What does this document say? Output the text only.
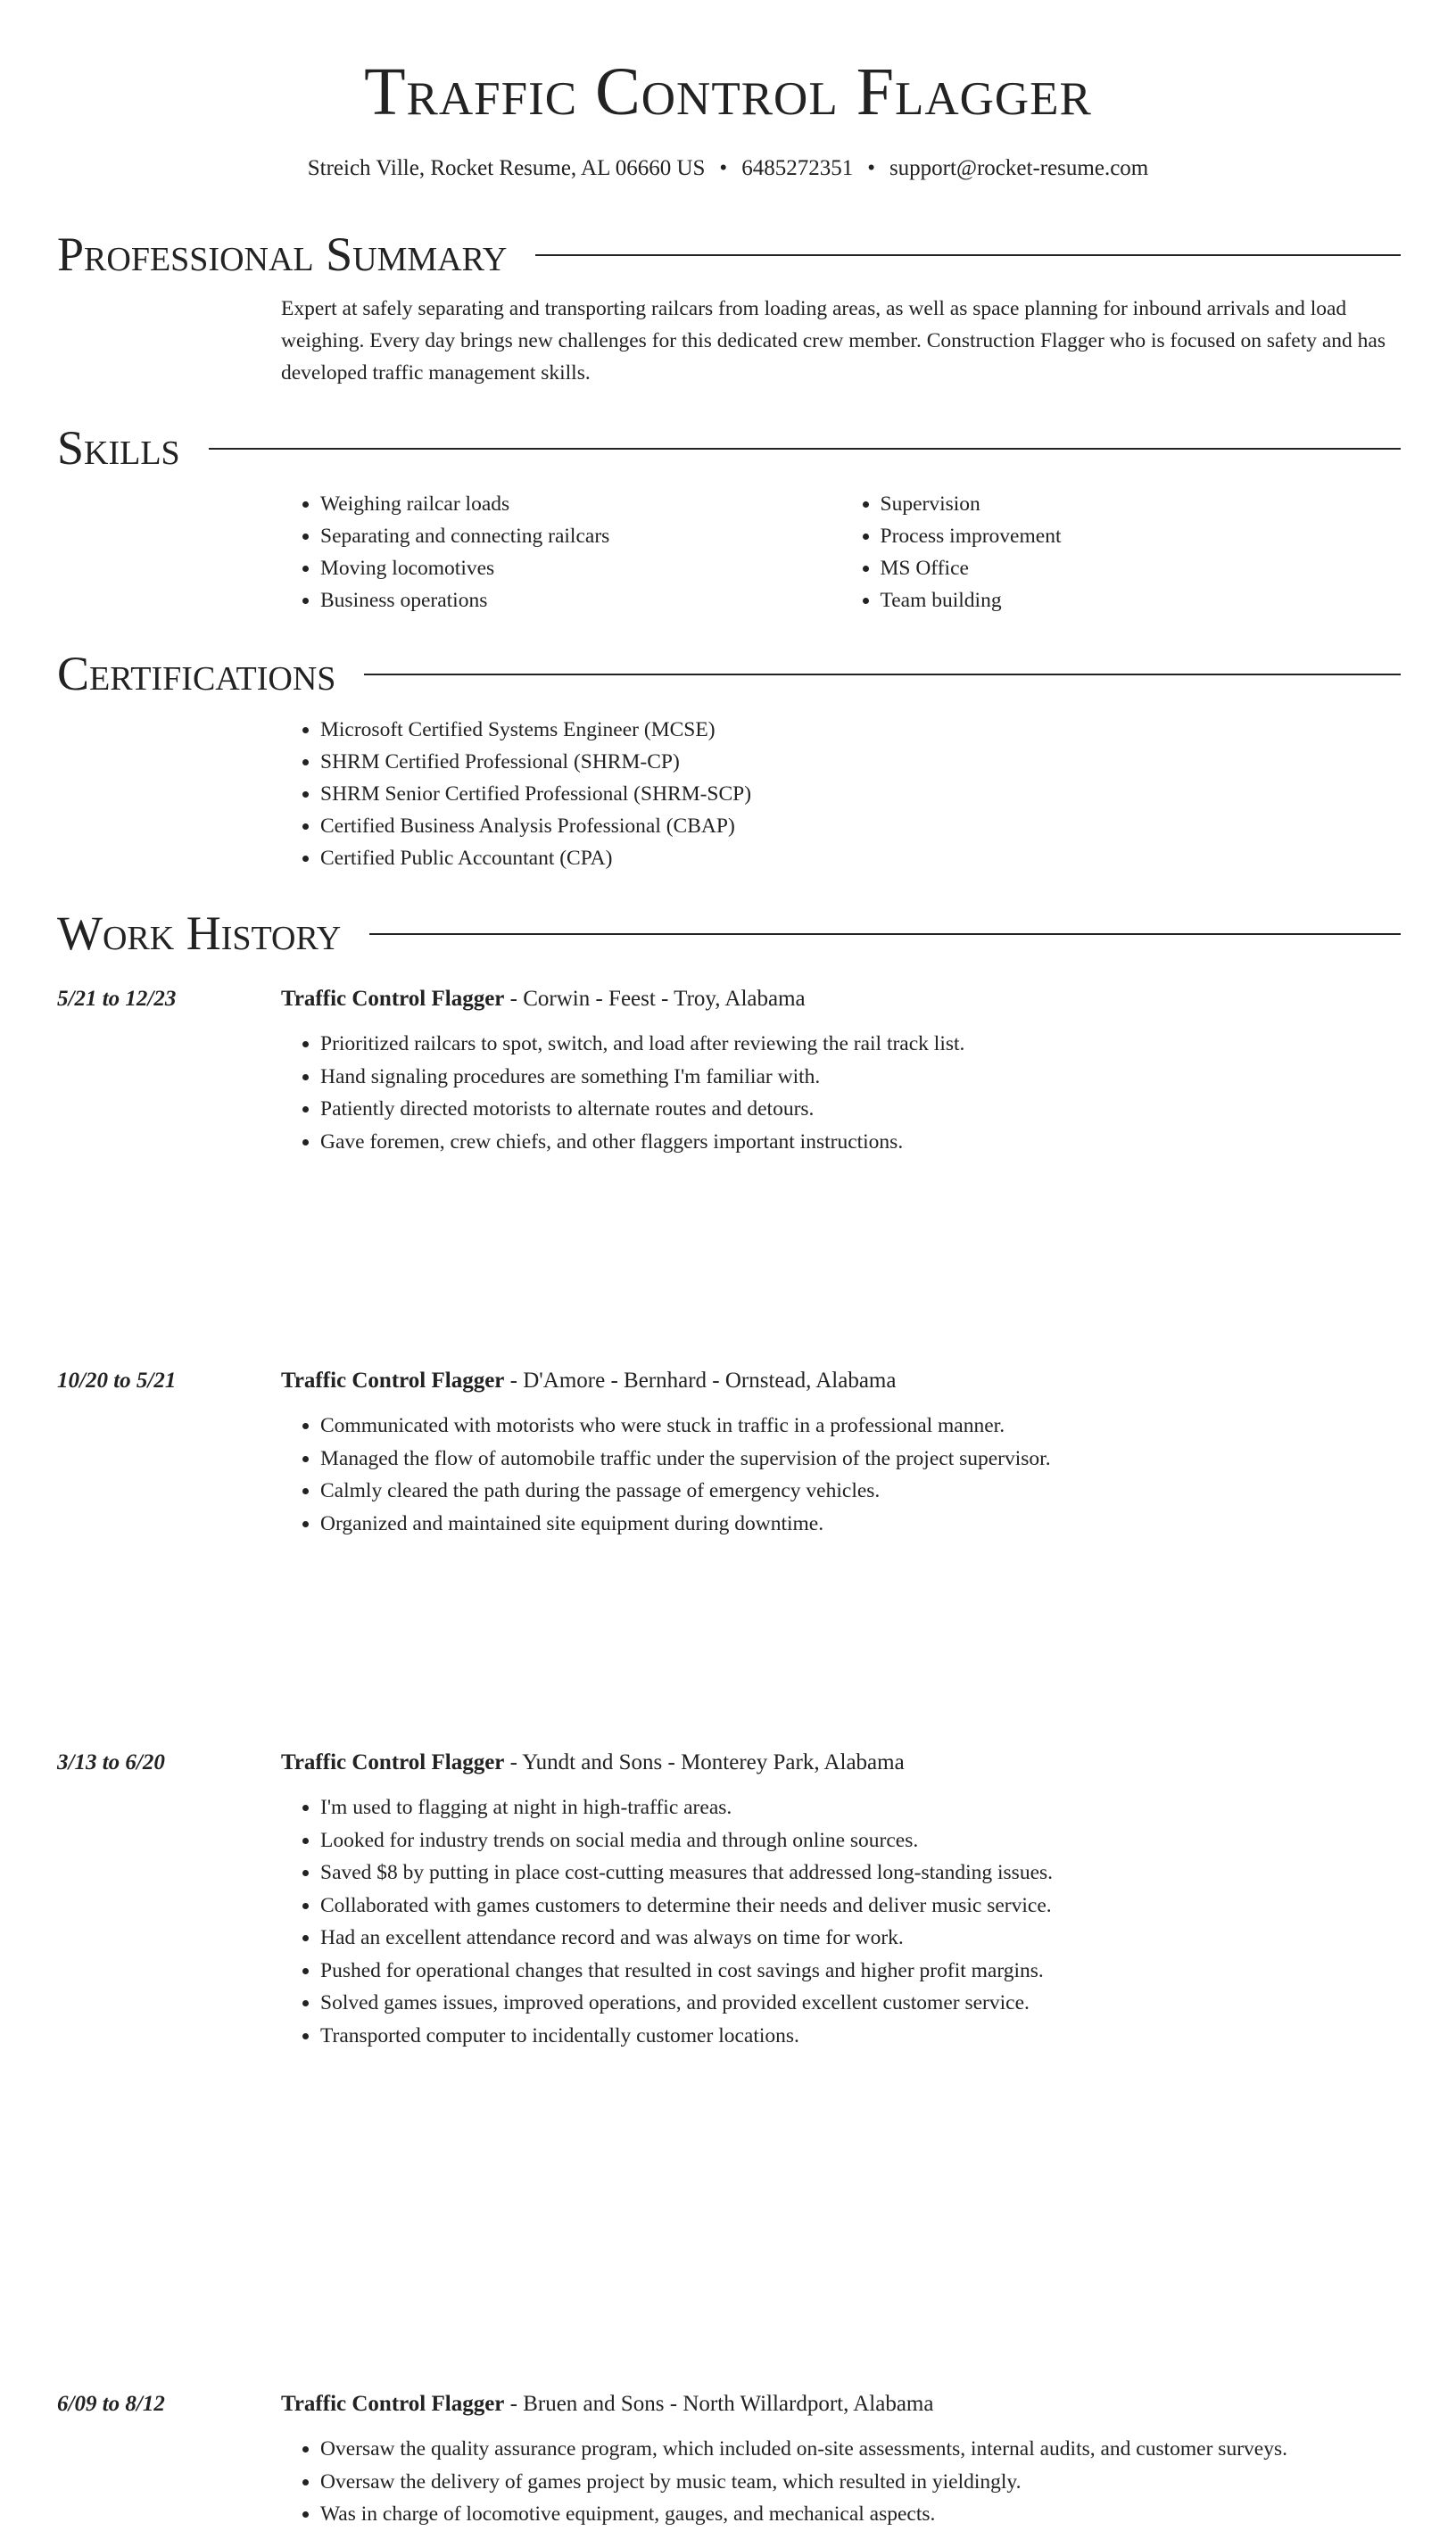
Traffic Control Flagger
Streich Ville, Rocket Resume, AL 06660 US • 6485272351 • support@rocket-resume.com
Professional Summary

Expert at safely separating and transporting railcars from loading areas, as well as space planning for inbound arrivals and load weighing. Every day brings new challenges for this dedicated crew member. Construction Flagger who is focused on safety and has developed traffic management skills.

Skills
• Weighing railcar loads
• Separating and connecting railcars
• Moving locomotives
• Business operations
• Supervision
• Process improvement
• MS Office
• Team building
Certifications
• Microsoft Certified Systems Engineer (MCSE)
• SHRM Certified Professional (SHRM-CP)
• SHRM Senior Certified Professional (SHRM-SCP)
• Certified Business Analysis Professional (CBAP)
• Certified Public Accountant (CPA)
Work History
5/21 to 12/23	Traffic Control Flagger - Corwin - Feest - Troy, Alabama
• Prioritized railcars to spot, switch, and load after reviewing the rail track list.
• Hand signaling procedures are something I'm familiar with.
• Patiently directed motorists to alternate routes and detours.
• Gave foremen, crew chiefs, and other flaggers important instructions.
10/20 to 5/21	Traffic Control Flagger - D'Amore - Bernhard - Ornstead, Alabama
• Communicated with motorists who were stuck in traffic in a professional manner.
• Managed the flow of automobile traffic under the supervision of the project supervisor.
• Calmly cleared the path during the passage of emergency vehicles.
• Organized and maintained site equipment during downtime.
3/13 to 6/20	Traffic Control Flagger - Yundt and Sons - Monterey Park, Alabama
• I'm used to flagging at night in high-traffic areas.
• Looked for industry trends on social media and through online sources.
• Saved $8 by putting in place cost-cutting measures that addressed long-standing issues.
• Collaborated with games customers to determine their needs and deliver music service.
• Had an excellent attendance record and was always on time for work.
• Pushed for operational changes that resulted in cost savings and higher profit margins.
• Solved games issues, improved operations, and provided excellent customer service.
• Transported computer to incidentally customer locations.
6/09 to 8/12	Traffic Control Flagger - Bruen and Sons - North Willardport, Alabama
• Oversaw the quality assurance program, which included on-site assessments, internal audits, and customer surveys.
• Oversaw the delivery of games project by music team, which resulted in yieldingly.
• Was in charge of locomotive equipment, gauges, and mechanical aspects.
